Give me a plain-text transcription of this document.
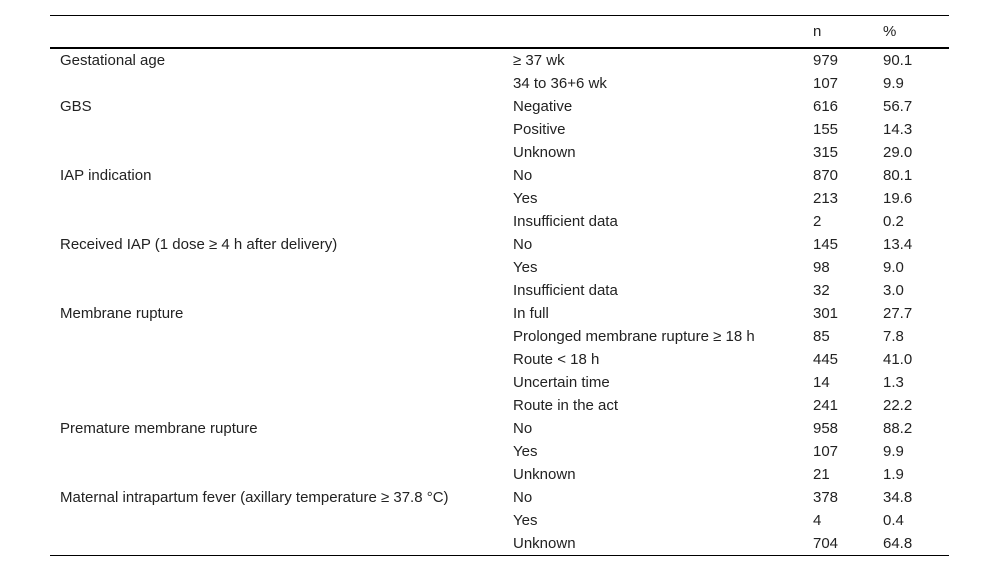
		n	%
Gestational age	≥ 37 wk	979	90.1
	34 to 36+6 wk	107	9.9
GBS	Negative	616	56.7
	Positive	155	14.3
	Unknown	315	29.0
IAP indication	No	870	80.1
	Yes	213	19.6
	Insufficient data	2	0.2
Received IAP (1 dose ≥ 4 h after delivery)	No	145	13.4
	Yes	98	9.0
	Insufficient data	32	3.0
Membrane rupture	In full	301	27.7
	Prolonged membrane rupture ≥ 18 h	85	7.8
	Route < 18 h	445	41.0
	Uncertain time	14	1.3
	Route in the act	241	22.2
Premature membrane rupture	No	958	88.2
	Yes	107	9.9
	Unknown	21	1.9
Maternal intrapartum fever (axillary temperature ≥ 37.8 °C)	No	378	34.8
	Yes	4	0.4
	Unknown	704	64.8
